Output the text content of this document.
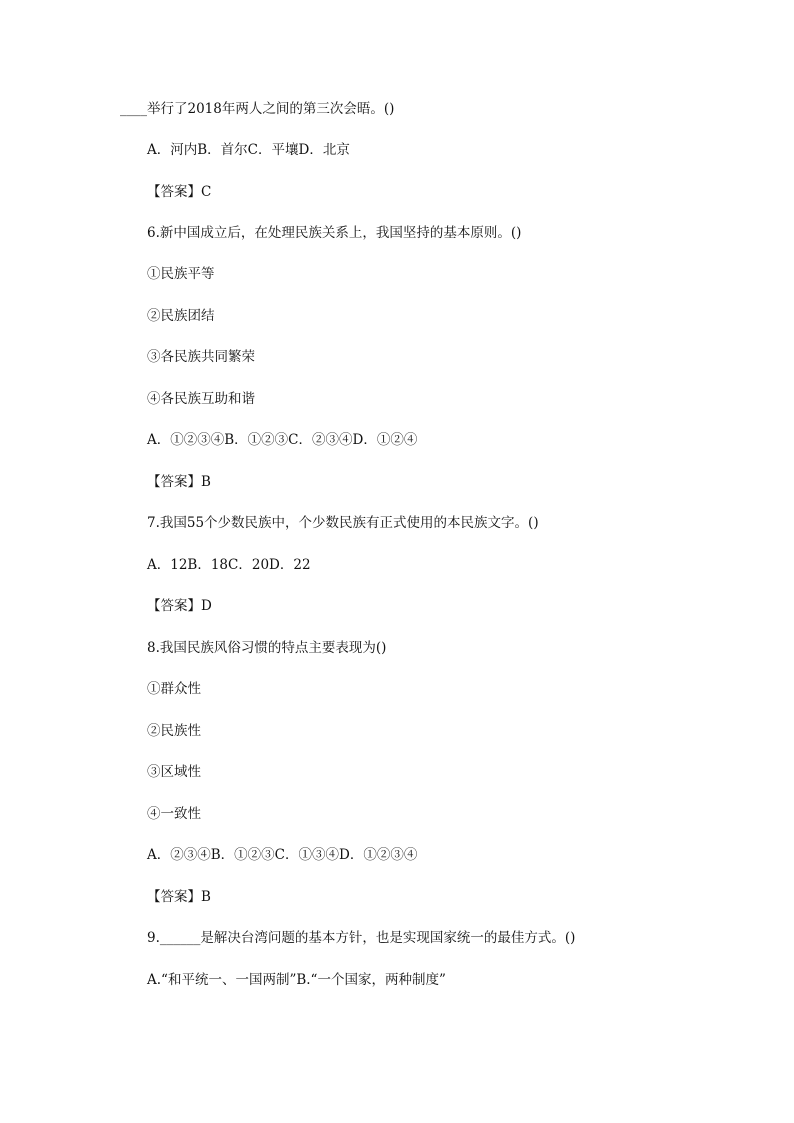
____举行了2018年两人之间的第三次会晤。()
A．河内B．首尔C．平壤D．北京
【答案】C
6.新中国成立后，在处理民族关系上，我国坚持的基本原则。()
①民族平等
②民族团结
③各民族共同繁荣
④各民族互助和谐
A．①②③④B．①②③C．②③④D．①②④
【答案】B
7.我国55个少数民族中，个少数民族有正式使用的本民族文字。()
A．12B．18C．20D．22
【答案】D
8.我国民族风俗习惯的特点主要表现为()
①群众性
②民族性
③区域性
④一致性
A．②③④B．①②③C．①③④D．①②③④
【答案】B
9.______是解决台湾问题的基本方针，也是实现国家统一的最佳方式。()
A.“和平统一、一国两制”B.“一个国家，两种制度”
